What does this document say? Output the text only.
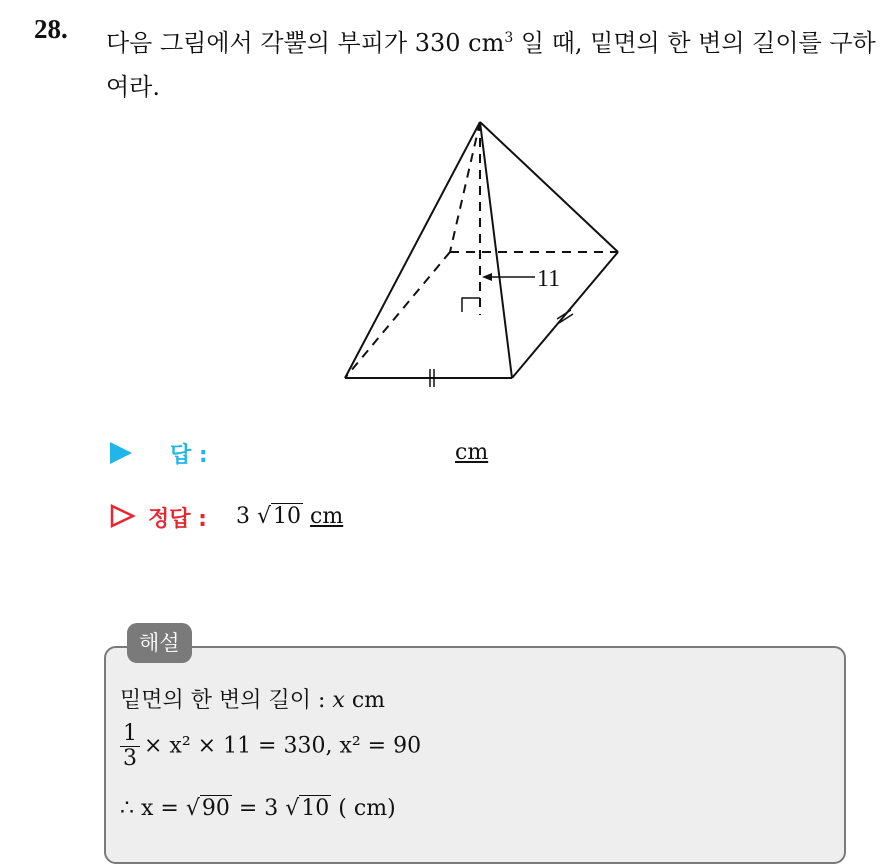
28. 다음 그림에서 각뿔의 부피가 330 $cm^3$ 일 때, 밑면의 한 변의 길이를 구하여라.
11
답 :	cm
정답 : 3 √10 cm
해설
밑면의 한 변의 길이 : x cm
$\frac{1}{3} \times x^2 \times 11 = 330$, x² = 90
∴ x = √90 = 3 √10 ( cm)
